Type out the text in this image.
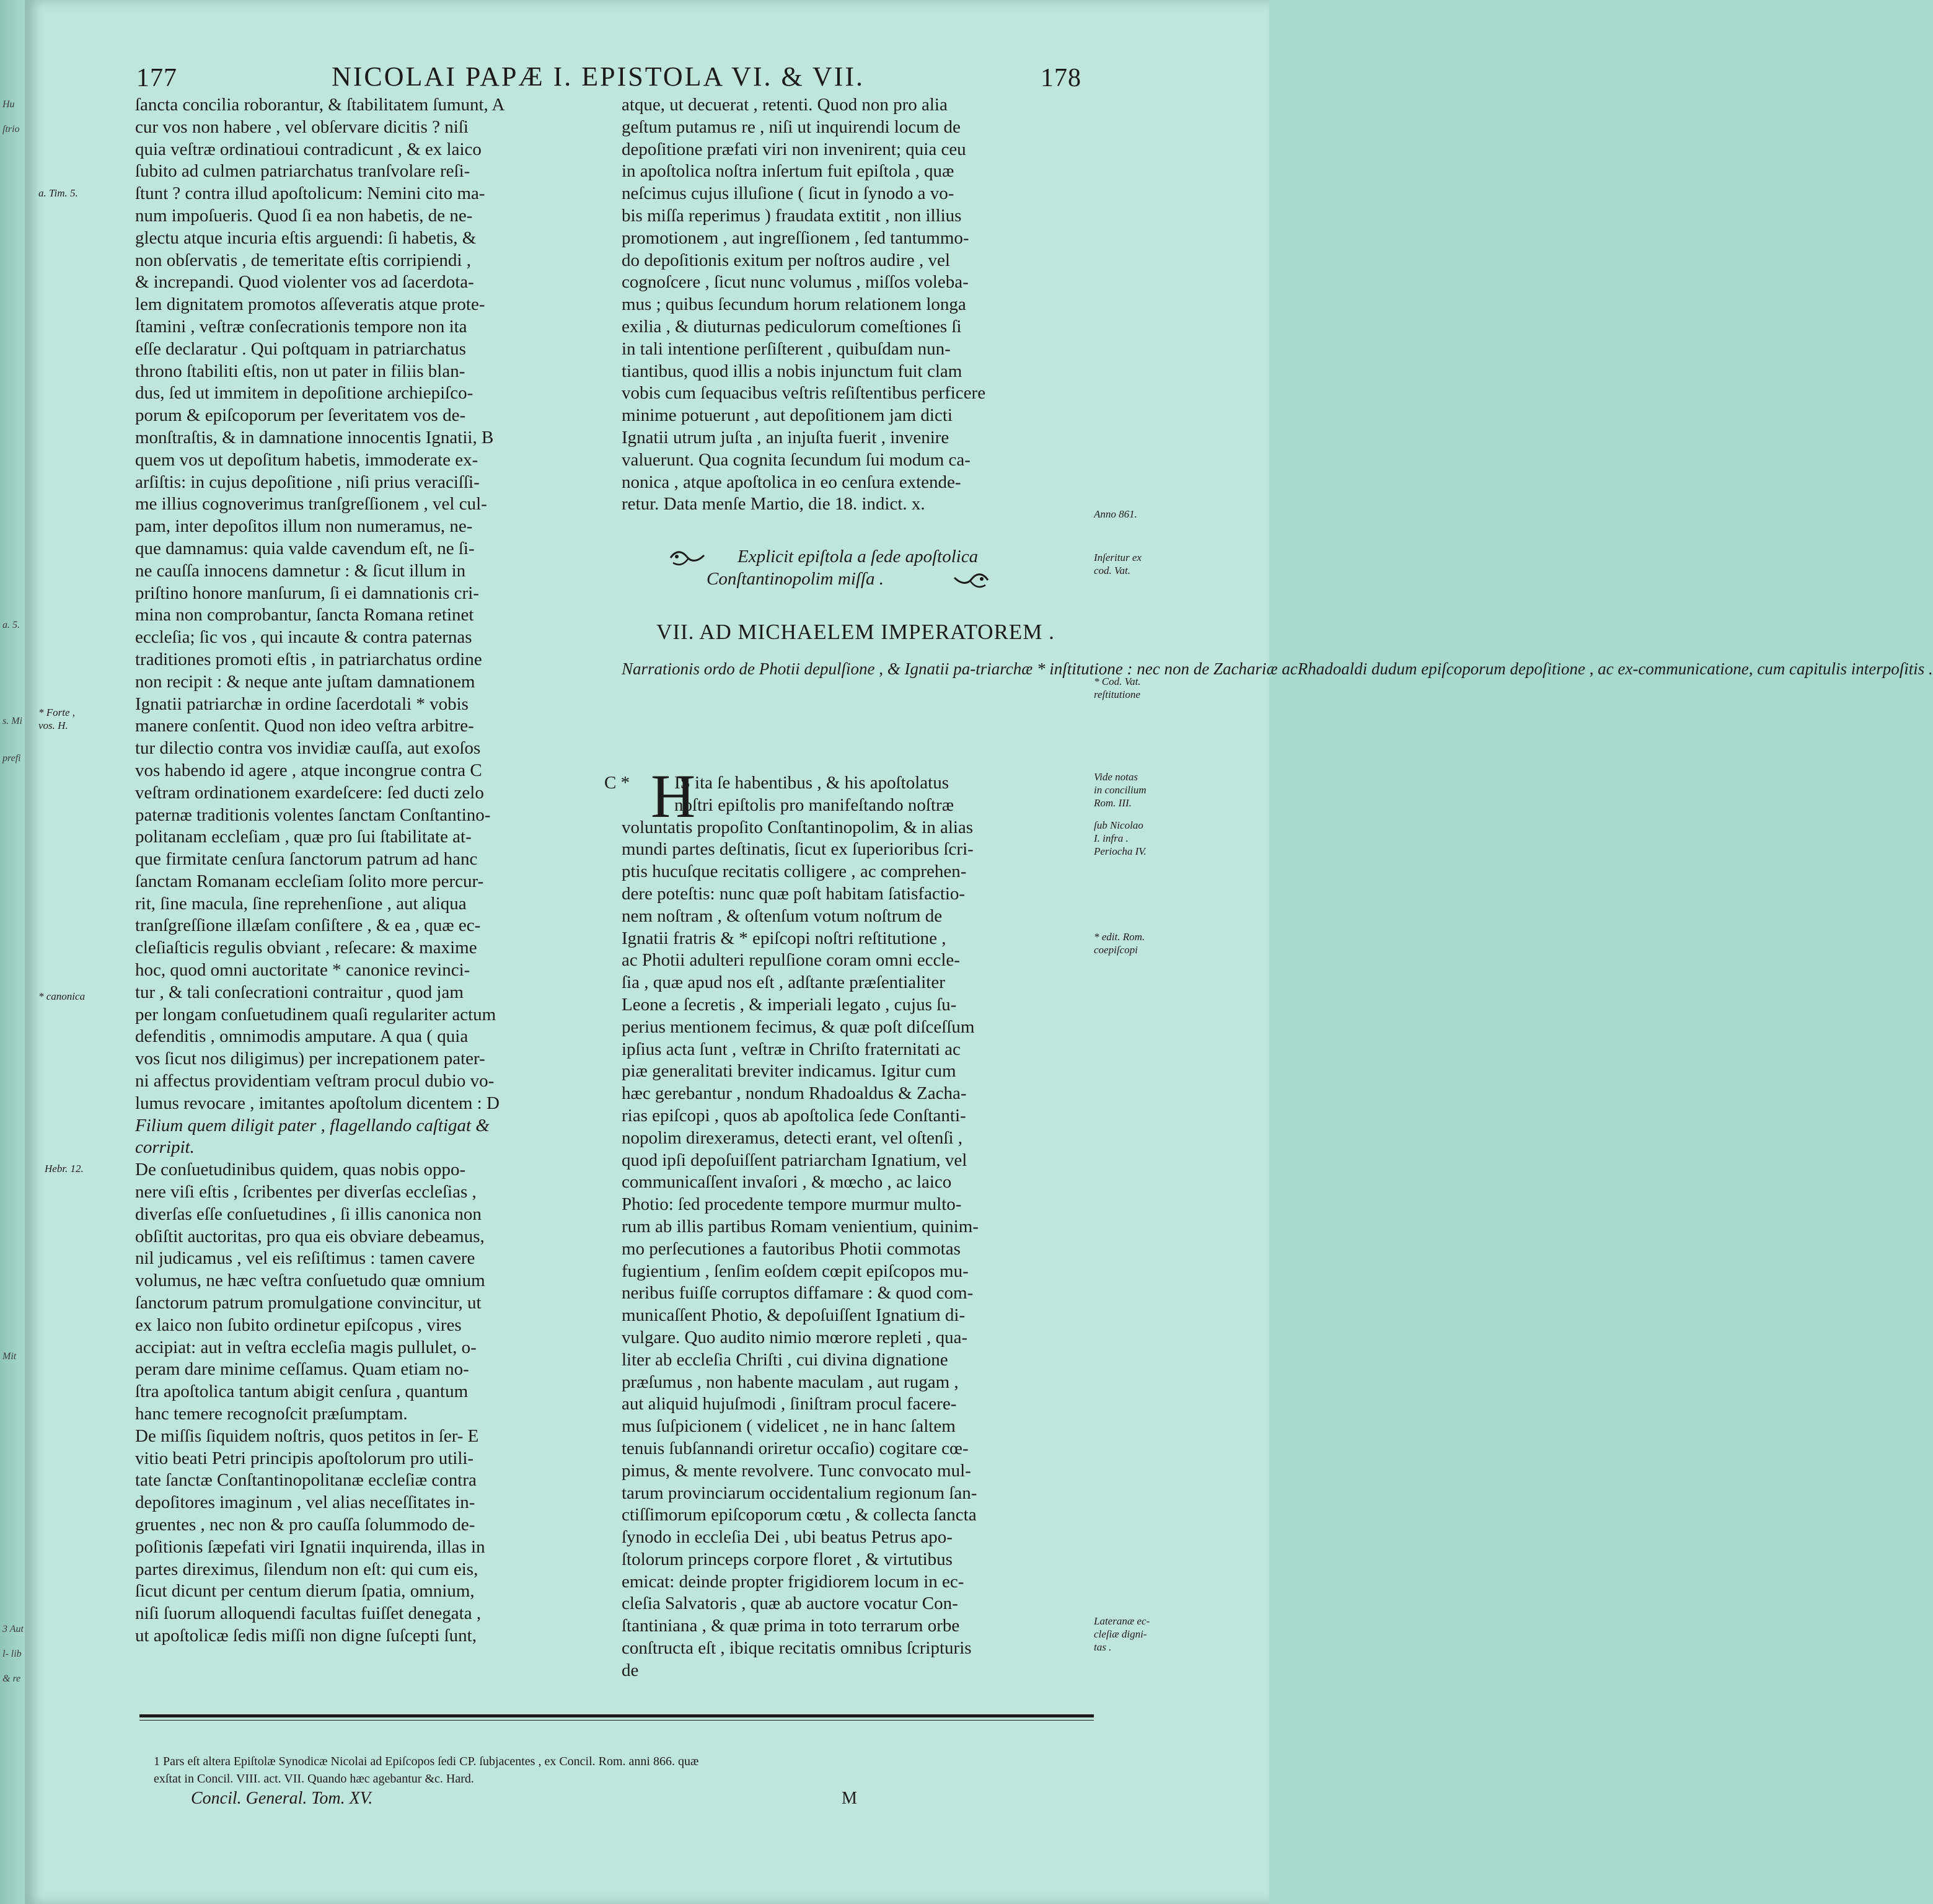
Hu
ſtrio
a. 5.
s. Mi
prefi
Mit
3 Aut
l- lib
& re
177	NICOLAI PAPÆ I. EPISTOLA VI. & VII.	178
ſancta concilia roborantur, & ſtabilitatem ſumunt, A
cur vos non habere , vel obſervare dicitis ? niſi
quia veſtræ ordinatioui contradicunt , & ex laico
ſubito ad culmen patriarchatus tranſvolare reſi-
ſtunt ? contra illud apoſtolicum: Nemini cito ma-
num impoſueris. Quod ſi ea non habetis, de ne-
glectu atque incuria eſtis arguendi: ſi habetis, &
non obſervatis , de temeritate eſtis corripiendi ,
& increpandi. Quod violenter vos ad ſacerdota-
lem dignitatem promotos aſſeveratis atque prote-
ſtamini , veſtræ conſecrationis tempore non ita
eſſe declaratur . Qui poſtquam in patriarchatus
throno ſtabiliti eſtis, non ut pater in filiis blan-
dus, ſed ut immitem in depoſitione archiepiſco-
porum & epiſcoporum per ſeveritatem vos de-
monſtraſtis, & in damnatione innocentis Ignatii, B
quem vos ut depoſitum habetis, immoderate ex-
arſiſtis: in cujus depoſitione , niſi prius veraciſſi-
me illius cognoverimus tranſgreſſionem , vel cul-
pam, inter depoſitos illum non numeramus, ne-
que damnamus: quia valde cavendum eſt, ne ſi-
ne cauſſa innocens damnetur : & ſicut illum in
priſtino honore manſurum, ſi ei damnationis cri-
mina non comprobantur, ſancta Romana retinet
eccleſia; ſic vos , qui incaute & contra paternas
traditiones promoti eſtis , in patriarchatus ordine
non recipit : & neque ante juſtam damnationem
Ignatii patriarchæ in ordine ſacerdotali * vobis
manere conſentit. Quod non ideo veſtra arbitre-
tur dilectio contra vos invidiæ cauſſa, aut exoſos
vos habendo id agere , atque incongrue contra C
veſtram ordinationem exardeſcere: ſed ducti zelo
paternæ traditionis volentes ſanctam Conſtantino-
politanam eccleſiam , quæ pro ſui ſtabilitate at-
que firmitate cenſura ſanctorum patrum ad hanc
ſanctam Romanam eccleſiam ſolito more percur-
rit, ſine macula, ſine reprehenſione , aut aliqua
tranſgreſſione illæſam conſiſtere , & ea , quæ ec-
cleſiaſticis regulis obviant , reſecare: & maxime
hoc, quod omni auctoritate * canonice revinci-
tur , & tali conſecrationi contraitur , quod jam
per longam conſuetudinem quaſi regulariter actum
defenditis , omnimodis amputare. A qua ( quia
vos ſicut nos diligimus) per increpationem pater-
ni affectus providentiam veſtram procul dubio vo-
lumus revocare , imitantes apoſtolum dicentem : D
Filium quem diligit pater , flagellando caſtigat &
corripit.
De conſuetudinibus quidem, quas nobis oppo-
nere viſi eſtis , ſcribentes per diverſas eccleſias ,
diverſas eſſe conſuetudines , ſi illis canonica non
obſiſtit auctoritas, pro qua eis obviare debeamus,
nil judicamus , vel eis reſiſtimus : tamen cavere
volumus, ne hæc veſtra conſuetudo quæ omnium
ſanctorum patrum promulgatione convincitur, ut
ex laico non ſubito ordinetur epiſcopus , vires
accipiat: aut in veſtra eccleſia magis pullulet, o-
peram dare minime ceſſamus. Quam etiam no-
ſtra apoſtolica tantum abigit cenſura , quantum
hanc temere recognoſcit præſumptam.
De miſſis ſiquidem noſtris, quos petitos in ſer- E
vitio beati Petri principis apoſtolorum pro utili-
tate ſanctæ Conſtantinopolitanæ eccleſiæ contra
depoſitores imaginum , vel alias neceſſitates in-
gruentes , nec non & pro cauſſa ſolummodo de-
poſitionis ſæpefati viri Ignatii inquirenda, illas in
partes direximus, ſilendum non eſt: qui cum eis,
ſicut dicunt per centum dierum ſpatia, omnium,
niſi ſuorum alloquendi facultas fuiſſet denegata ,
ut apoſtolicæ ſedis miſſi non digne ſuſcepti ſunt,
atque, ut decuerat , retenti. Quod non pro alia
geſtum putamus re , niſi ut inquirendi locum de
depoſitione præfati viri non invenirent; quia ceu
in apoſtolica noſtra inſertum fuit epiſtola , quæ
neſcimus cujus illuſione ( ſicut in ſynodo a vo-
bis miſſa reperimus ) fraudata extitit , non illius
promotionem , aut ingreſſionem , ſed tantummo-
do depoſitionis exitum per noſtros audire , vel
cognoſcere , ſicut nunc volumus , miſſos voleba-
mus ; quibus ſecundum horum relationem longa
exilia , & diuturnas pediculorum comeſtiones ſi
in tali intentione perſiſterent , quibuſdam nun-
tiantibus, quod illis a nobis injunctum fuit clam
vobis cum ſequacibus veſtris reſiſtentibus perficere
minime potuerunt , aut depoſitionem jam dicti
Ignatii utrum juſta , an injuſta fuerit , invenire
valuerunt. Qua cognita ſecundum ſui modum ca-
nonica , atque apoſtolica in eo cenſura extende-
retur. Data menſe Martio, die 18. indict. x.
Explicit epiſtola a ſede apoſtolica
Conſtantinopolim miſſa .
VII. AD MICHAELEM IMPERATOREM .
Narrationis ordo de Photii depulſione , & Ignatii pa-triarchæ * inſtitutione : nec non de Zachariæ acRhadoaldi dudum epiſcoporum depoſitione , ac ex-communicatione, cum capitulis interpoſitis .
H
IS ita ſe habentibus , & his apoſtolatus
noſtri epiſtolis pro manifeſtando noſtræ
voluntatis propoſito Conſtantinopolim, & in alias
mundi partes deſtinatis, ſicut ex ſuperioribus ſcri-
ptis hucuſque recitatis colligere , ac comprehen-
dere poteſtis: nunc quæ poſt habitam ſatisfactio-
nem noſtram , & oſtenſum votum noſtrum de
Ignatii fratris & * epiſcopi noſtri reſtitutione ,
ac Photii adulteri repulſione coram omni eccle-
ſia , quæ apud nos eſt , adſtante præſentialiter
Leone a ſecretis , & imperiali legato , cujus ſu-
perius mentionem fecimus, & quæ poſt diſceſſum
ipſius acta ſunt , veſtræ in Chriſto fraternitati ac
piæ generalitati breviter indicamus. Igitur cum
hæc gerebantur , nondum Rhadoaldus & Zacha-
rias epiſcopi , quos ab apoſtolica ſede Conſtanti-
nopolim direxeramus, detecti erant, vel oſtenſi ,
quod ipſi depoſuiſſent patriarcham Ignatium, vel
communicaſſent invaſori , & mœcho , ac laico
Photio: ſed procedente tempore murmur multo-
rum ab illis partibus Romam venientium, quinim-
mo perſecutiones a fautoribus Photii commotas
fugientium , ſenſim eoſdem cœpit epiſcopos mu-
neribus fuiſſe corruptos diffamare : & quod com-
municaſſent Photio, & depoſuiſſent Ignatium di-
vulgare. Quo audito nimio mœrore repleti , qua-
liter ab eccleſia Chriſti , cui divina dignatione
præſumus , non habente maculam , aut rugam ,
aut aliquid hujuſmodi , ſiniſtram procul facere-
mus ſuſpicionem ( videlicet , ne in hanc ſaltem
tenuis ſubſannandi oriretur occaſio) cogitare cœ-
pimus, & mente revolvere. Tunc convocato mul-
tarum provinciarum occidentalium regionum ſan-
ctiſſimorum epiſcoporum cœtu , & collecta ſancta
ſynodo in eccleſia Dei , ubi beatus Petrus apo-
ſtolorum princeps corpore floret , & virtutibus
emicat: deinde propter frigidiorem locum in ec-
cleſia Salvatoris , quæ ab auctore vocatur Con-
ſtantiniana , & quæ prima in toto terrarum orbe
conſtructa eſt , ibique recitatis omnibus ſcripturis
de
a. Tim. 5.
* Forte ,
vos. H.
* canonica
Hebr. 12.
Anno 861.
Inſeritur ex
cod. Vat.
* Cod. Vat.
reſtitutione
Vide notas
in concilium
Rom. III.
ſub Nicolao
I. infra .
Periocha IV.
* edit. Rom.
coepiſcopi
Lateranæ ec-
cleſiæ digni-
tas .
C *
1 Pars eſt altera Epiſtolæ Synodicæ Nicolai ad Epiſcopos ſedi CP. ſubjacentes , ex Concil. Rom. anni 866. quæ
exſtat in Concil. VIII. act. VII. Quando hæc agebantur &c. Hard.
Concil. General. Tom. XV.	M
